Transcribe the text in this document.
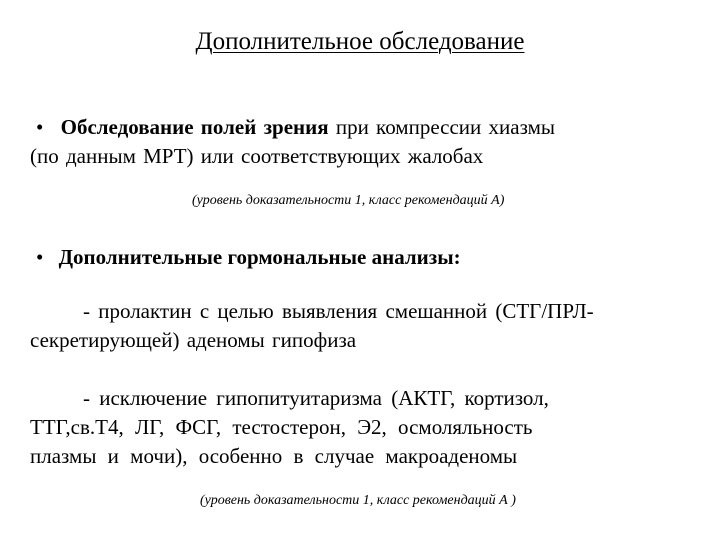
Дополнительное обследование
• Обследование полей зрения при компрессии хиазмы
(по данным МРТ) или соответствующих жалобах
(уровень доказательности 1, класс рекомендаций А)
• Дополнительные гормональные анализы:
- пролактин с целью выявления смешанной (СТГ/ПРЛ-
секретирующей) аденомы гипофиза
- исключение гипопитуитаризма (АКТГ, кортизол,
ТТГ,св.Т4, ЛГ, ФСГ, тестостерон, Э2, осмоляльность
плазмы и мочи), особенно в случае макроаденомы
(уровень доказательности 1, класс рекомендаций А )
